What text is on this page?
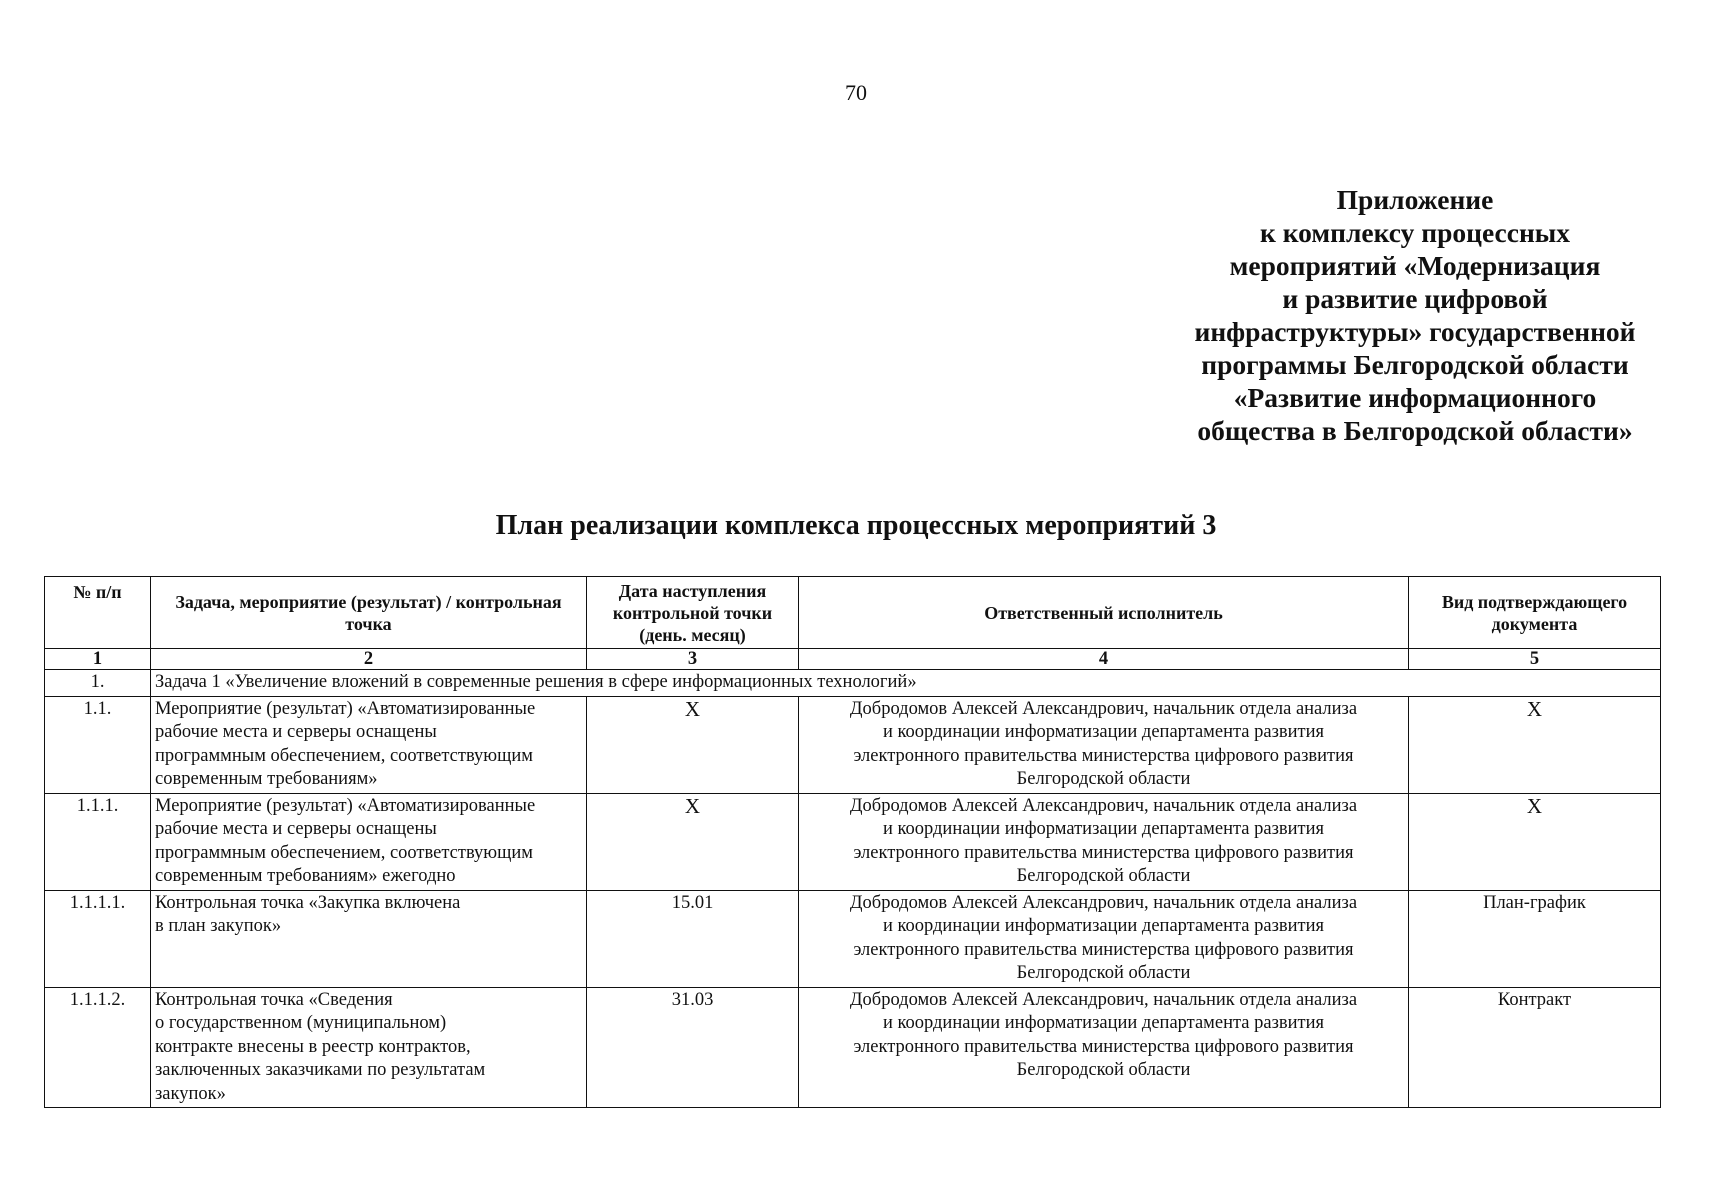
70
Приложение
к комплексу процессных
мероприятий «Модернизация
и развитие цифровой
инфраструктуры» государственной
программы Белгородской области
«Развитие информационного
общества в Белгородской области»
План реализации комплекса процессных мероприятий 3
№ п/п	Задача, мероприятие (результат) / контрольная точка	Дата наступления контрольной точки (день. месяц)	Ответственный исполнитель	Вид подтверждающего документа
1	2	3	4	5
1.	Задача 1 «Увеличение вложений в современные решения в сфере информационных технологий»			
1.1.	Мероприятие (результат) «Автоматизированные
рабочие места и серверы оснащены
программным обеспечением, соответствующим
современным требованиям»	X	Добродомов Алексей Александрович, начальник отдела анализа
и координации информатизации департамента развития
электронного правительства министерства цифрового развития
Белгородской области	X
1.1.1.	Мероприятие (результат) «Автоматизированные
рабочие места и серверы оснащены
программным обеспечением, соответствующим
современным требованиям» ежегодно	X	Добродомов Алексей Александрович, начальник отдела анализа
и координации информатизации департамента развития
электронного правительства министерства цифрового развития
Белгородской области	X
1.1.1.1.	Контрольная точка «Закупка включена
в план закупок»	15.01	Добродомов Алексей Александрович, начальник отдела анализа
и координации информатизации департамента развития
электронного правительства министерства цифрового развития
Белгородской области	План-график
1.1.1.2.	Контрольная точка «Сведения
о государственном (муниципальном)
контракте внесены в реестр контрактов,
заключенных заказчиками по результатам
закупок»	31.03	Добродомов Алексей Александрович, начальник отдела анализа
и координации информатизации департамента развития
электронного правительства министерства цифрового развития
Белгородской области	Контракт
